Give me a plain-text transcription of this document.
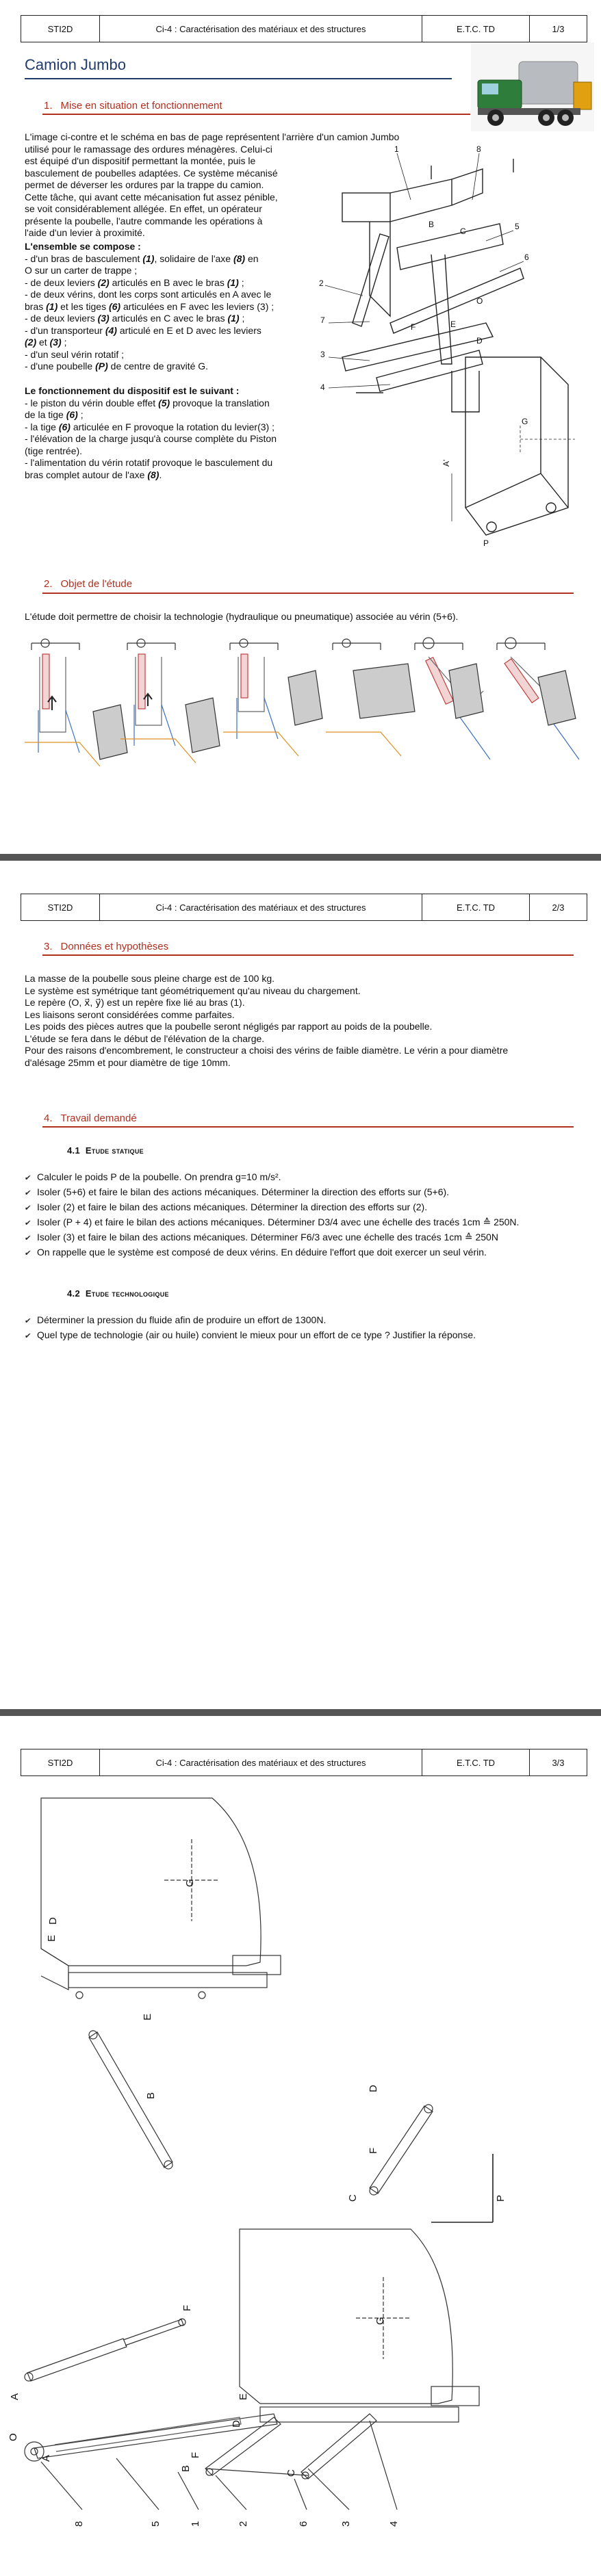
STI2D	Ci-4 : Caractérisation des matériaux et des structures	E.T.C. TD	1/3
Camion Jumbo
1. Mise en situation et fonctionnement
L'image ci-contre et le schéma en bas de page représentent l'arrière d'un camion Jumbo
utilisé pour le ramassage des ordures ménagères. Celui-ci
est équipé d'un dispositif permettant la montée, puis le
basculement de poubelles adaptées. Ce système mécanisé
permet de déverser les ordures par la trappe du camion.
Cette tâche, qui avant cette mécanisation fut assez pénible,
se voit considérablement allégée. En effet, un opérateur
présente la poubelle, l'autre commande les opérations à
l'aide d'un levier à proximité.

L'ensemble se compose :

- d'un bras de basculement (1), solidaire de l'axe (8) en
O sur un carter de trappe ;
- de deux leviers (2) articulés en B avec le bras (1) ;
- de deux vérins, dont les corps sont articulés en A avec le
bras (1) et les tiges (6) articulées en F avec les leviers (3) ;
- de deux leviers (3) articulés en C avec le bras (1) ;
- d'un transporteur (4) articulé en E et D avec les leviers
(2) et (3) ;
- d'un seul vérin rotatif ;
- d'une poubelle (P) de centre de gravité G.

Le fonctionnement du dispositif est le suivant :

- le piston du vérin double effet (5) provoque la translation
de la tige (6) ;
- la tige (6) articulée en F provoque la rotation du levier(3) ;
- l'élévation de la charge jusqu'à course complète du Piston
(tige rentrée).
- l'alimentation du vérin rotatif provoque le basculement du
bras complet autour de l'axe (8).
1	8
5
6
2
7
3
4
P
A'
B
C
E
D
F
G
O
2. Objet de l'étude
L'étude doit permettre de choisir la technologie (hydraulique ou pneumatique) associée au vérin (5+6).
STI2D	Ci-4 : Caractérisation des matériaux et des structures	E.T.C. TD	2/3
3. Données et hypothèses
La masse de la poubelle sous pleine charge est de 100 kg.
Le système est symétrique tant géométriquement qu'au niveau du chargement.
Le repère (O, x⃗, y⃗) est un repère fixe lié au bras (1).
Les liaisons seront considérées comme parfaites.
Les poids des pièces autres que la poubelle seront négligés par rapport au poids de la poubelle.
L'étude se fera dans le début de l'élévation de la charge.
Pour des raisons d'encombrement, le constructeur a choisi des vérins de faible diamètre. Le vérin a pour diamètre
d'alésage 25mm et pour diamètre de tige 10mm.
4. Travail demandé
4.1 Etude statique
✔︎ Calculer le poids P de la poubelle. On prendra g=10 m/s².
✔︎ Isoler (5+6) et faire le bilan des actions mécaniques. Déterminer la direction des efforts sur (5+6).
✔︎ Isoler (2) et faire le bilan des actions mécaniques. Déterminer la direction des efforts sur (2).
✔︎ Isoler (P + 4) et faire le bilan des actions mécaniques. Déterminer D3/4 avec une échelle des tracés 1cm ≙ 250N.
✔︎ Isoler (3) et faire le bilan des actions mécaniques. Déterminer F6/3 avec une échelle des tracés 1cm ≙ 250N
✔︎ On rappelle que le système est composé de deux vérins. En déduire l'effort que doit exercer un seul vérin.
4.2 Etude technologique
✔︎ Déterminer la pression du fluide afin de produire un effort de 1300N.
✔︎ Quel type de technologie (air ou huile) convient le mieux pour un effort de ce type ? Justifier la réponse.
STI2D	Ci-4 : Caractérisation des matériaux et des structures	E.T.C. TD	3/3
G
E
D
E
B
D
F
C
A
F
G
E
D
P
F
B
C
O
A
8	5	1	2	6	3	4
